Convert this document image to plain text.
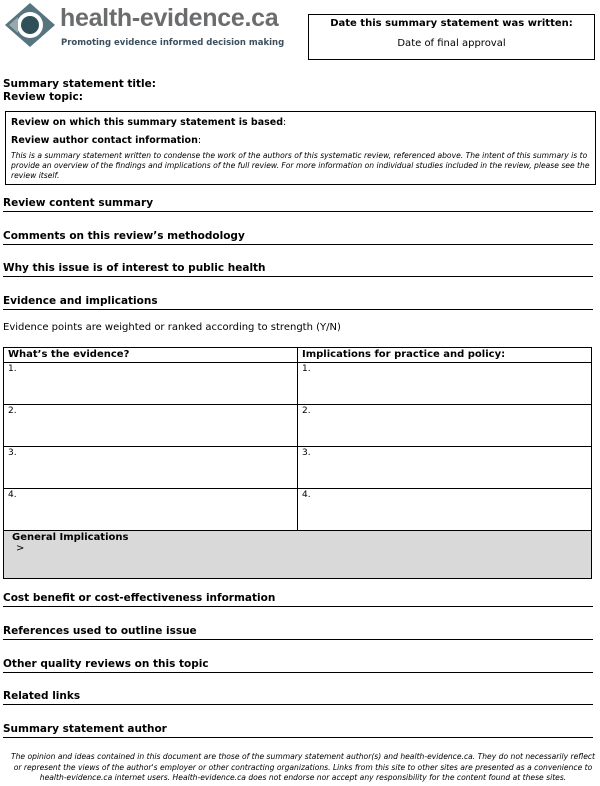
health-evidence.ca
Promoting evidence informed decision making
Date this summary statement was written:
Date of final approval
Summary statement title:
Review topic:
Review on which this summary statement is based:
Review author contact information:
This is a summary statement written to condense the work of the authors of this systematic review, referenced above. The intent of this summary is to provide an overview of the findings and implications of the full review. For more information on individual studies included in the review, please see the review itself.
Review content summary
Comments on this review’s methodology
Why this issue is of interest to public health
Evidence and implications
Evidence points are weighted or ranked according to strength (Y/N)
What’s the evidence?	Implications for practice and policy:
1.	1.
2.	2.
3.	3.
4.	4.

General Implications
>	
Cost benefit or cost-effectiveness information
References used to outline issue
Other quality reviews on this topic
Related links
Summary statement author
The opinion and ideas contained in this document are those of the summary statement author(s) and health-evidence.ca. They do not necessarily reflect or represent the views of the author's employer or other contracting organizations. Links from this site to other sites are presented as a convenience to health-evidence.ca internet users. Health-evidence.ca does not endorse nor accept any responsibility for the content found at these sites.
